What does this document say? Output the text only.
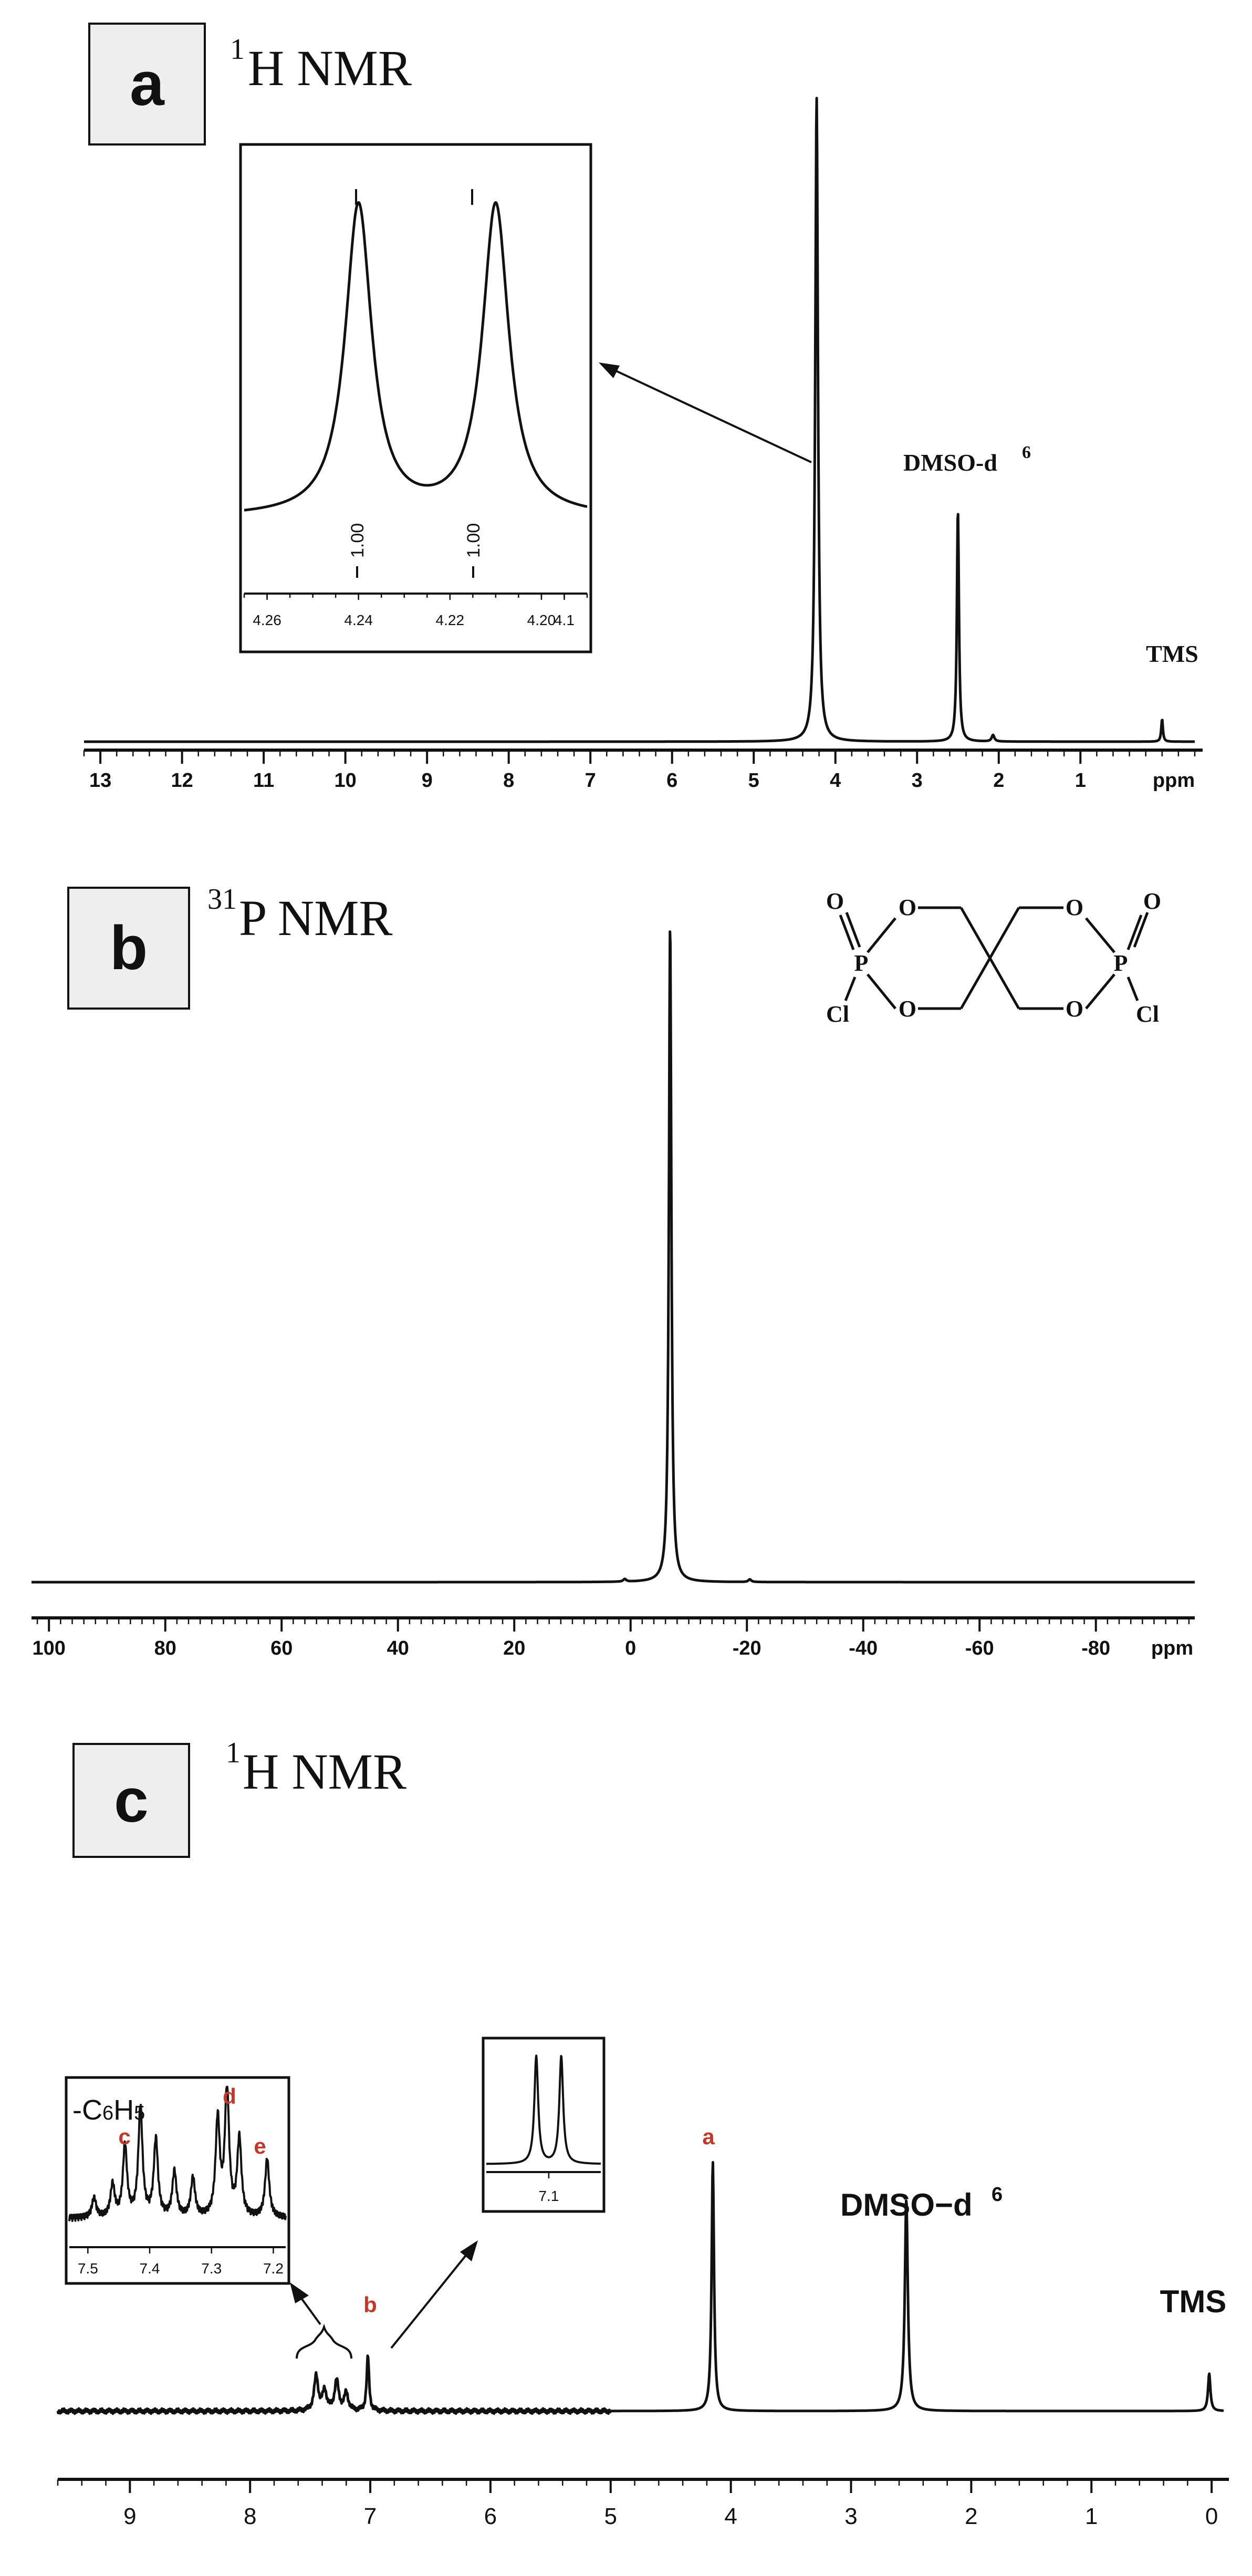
a 1 H NMR
13	12	11	10	9	8	7	6	5	4	3	2	1	ppm
DMSO-d 6
TMS
4.26	4.24	4.22	4.20
4.1
1.00	1.00
b
31 P NMR
100	80	60	40	20	0	-20	-40	-60	-80 ppm
O O	O	O
P	P
O	O
Cl	Cl
c
1 H NMR
9	8	7	6	5	4	3	2	1	0
a
b
DMSO−d 6
TMS
-C6H5
7.5	7.4	7.3	7.2
c
d
e
7.1
